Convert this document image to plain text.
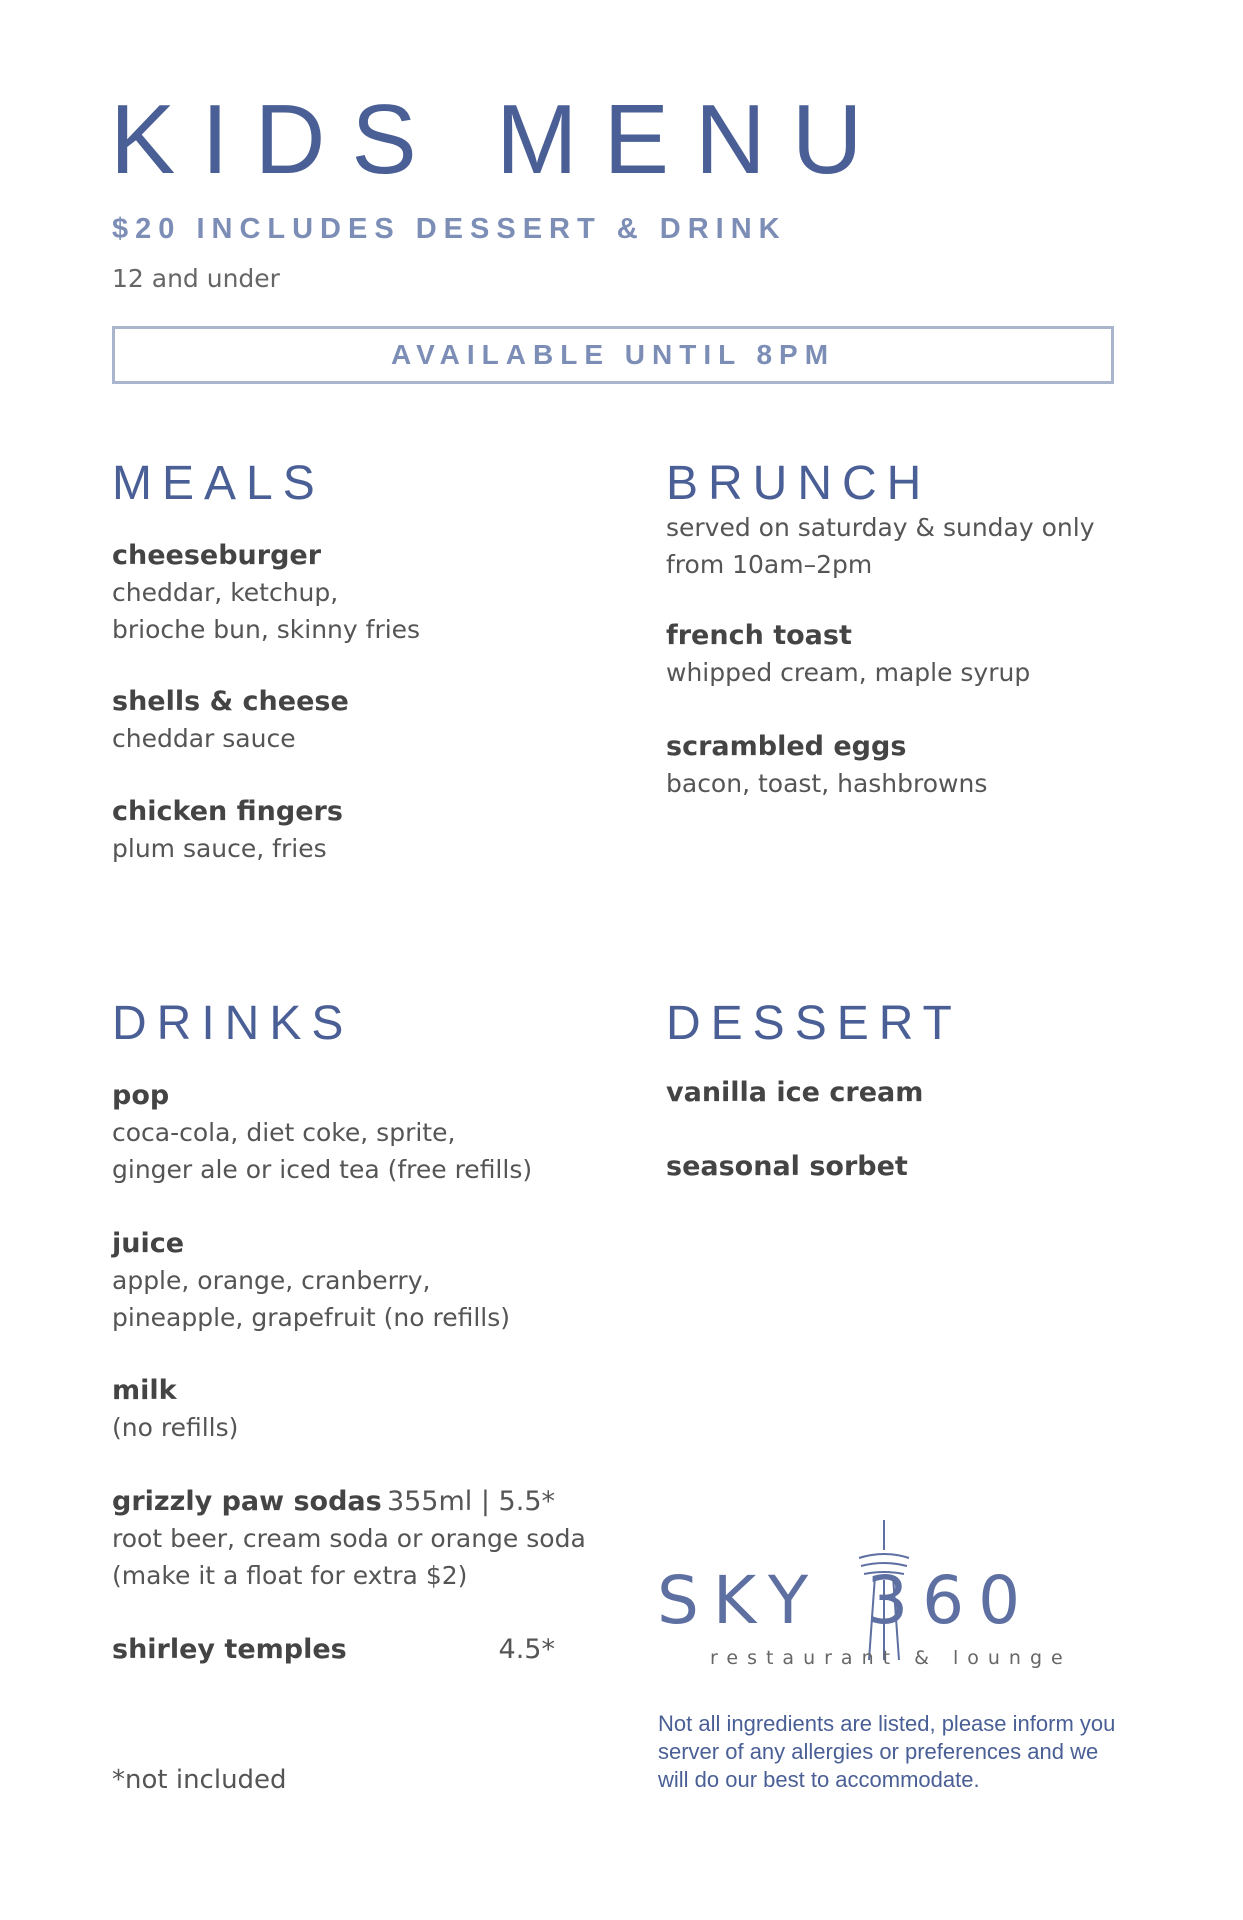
KIDS MENU
$20 INCLUDES DESSERT & DRINK
12 and under
AVAILABLE UNTIL 8PM
MEALS
cheeseburger
cheddar, ketchup,
brioche bun, skinny fries
shells & cheese
cheddar sauce
chicken fingers
plum sauce, fries
BRUNCH
served on saturday & sunday only
from 10am–2pm
french toast
whipped cream, maple syrup
scrambled eggs
bacon, toast, hashbrowns
DRINKS
pop
coca-cola, diet coke, sprite,
ginger ale or iced tea (free refills)
juice
apple, orange, cranberry,
pineapple, grapefruit (no refills)
milk
(no refills)
grizzly paw sodas 355ml | 5.5*
root beer, cream soda or orange soda
(make it a float for extra $2)
shirley temples	4.5*
*not included
DESSERT
vanilla ice cream
seasonal sorbet
SKY 360
restaurant & lounge
Not all ingredients are listed, please inform you server of any allergies or preferences and we will do our best to accommodate.
